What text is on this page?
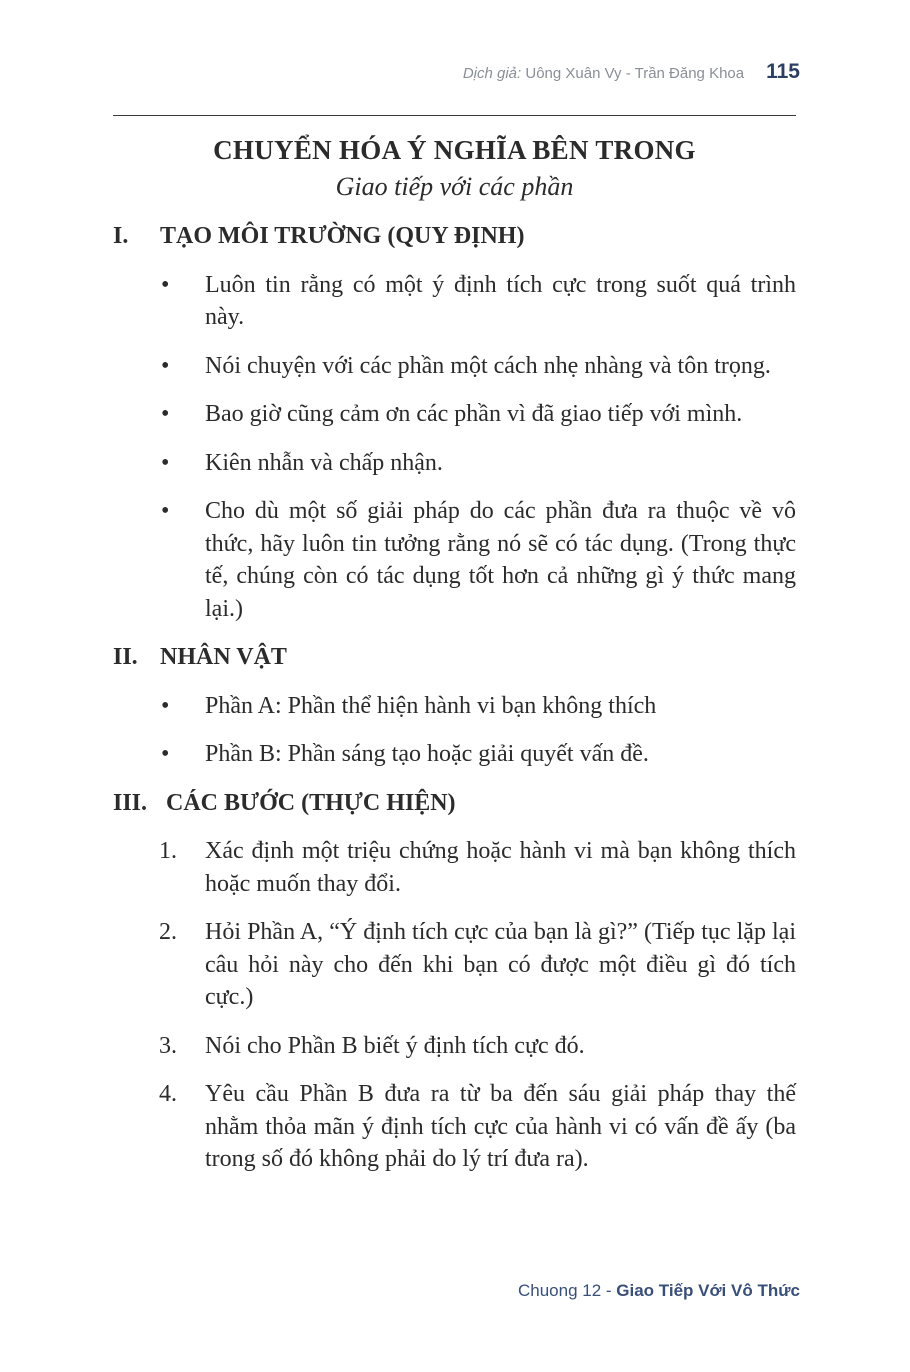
Dịch giả: Uông Xuân Vy - Trần Đăng Khoa 115
CHUYỂN HÓA Ý NGHĨA BÊN TRONG
Giao tiếp với các phần
I.	TẠO MÔI TRƯỜNG (QUY ĐỊNH)
•	Luôn tin rằng có một ý định tích cực trong suốt quá trình này.
•	Nói chuyện với các phần một cách nhẹ nhàng và tôn trọng.
•	Bao giờ cũng cảm ơn các phần vì đã giao tiếp với mình.
•	Kiên nhẫn và chấp nhận.
•	Cho dù một số giải pháp do các phần đưa ra thuộc về vô thức, hãy luôn tin tưởng rằng nó sẽ có tác dụng. (Trong thực tế, chúng còn có tác dụng tốt hơn cả những gì ý thức mang lại.)
II. NHÂN VẬT
•	Phần A: Phần thể hiện hành vi bạn không thích
•	Phần B: Phần sáng tạo hoặc giải quyết vấn đề.
III. CÁC BƯỚC (THỰC HIỆN)
1.	Xác định một triệu chứng hoặc hành vi mà bạn không thích hoặc muốn thay đổi.
2.	Hỏi Phần A, “Ý định tích cực của bạn là gì?” (Tiếp tục lặp lại câu hỏi này cho đến khi bạn có được một điều gì đó tích cực.)
3.	Nói cho Phần B biết ý định tích cực đó.
4.	Yêu cầu Phần B đưa ra từ ba đến sáu giải pháp thay thế nhằm thỏa mãn ý định tích cực của hành vi có vấn đề ấy (ba trong số đó không phải do lý trí đưa ra).
Chuong 12 - Giao Tiếp Với Vô Thức
